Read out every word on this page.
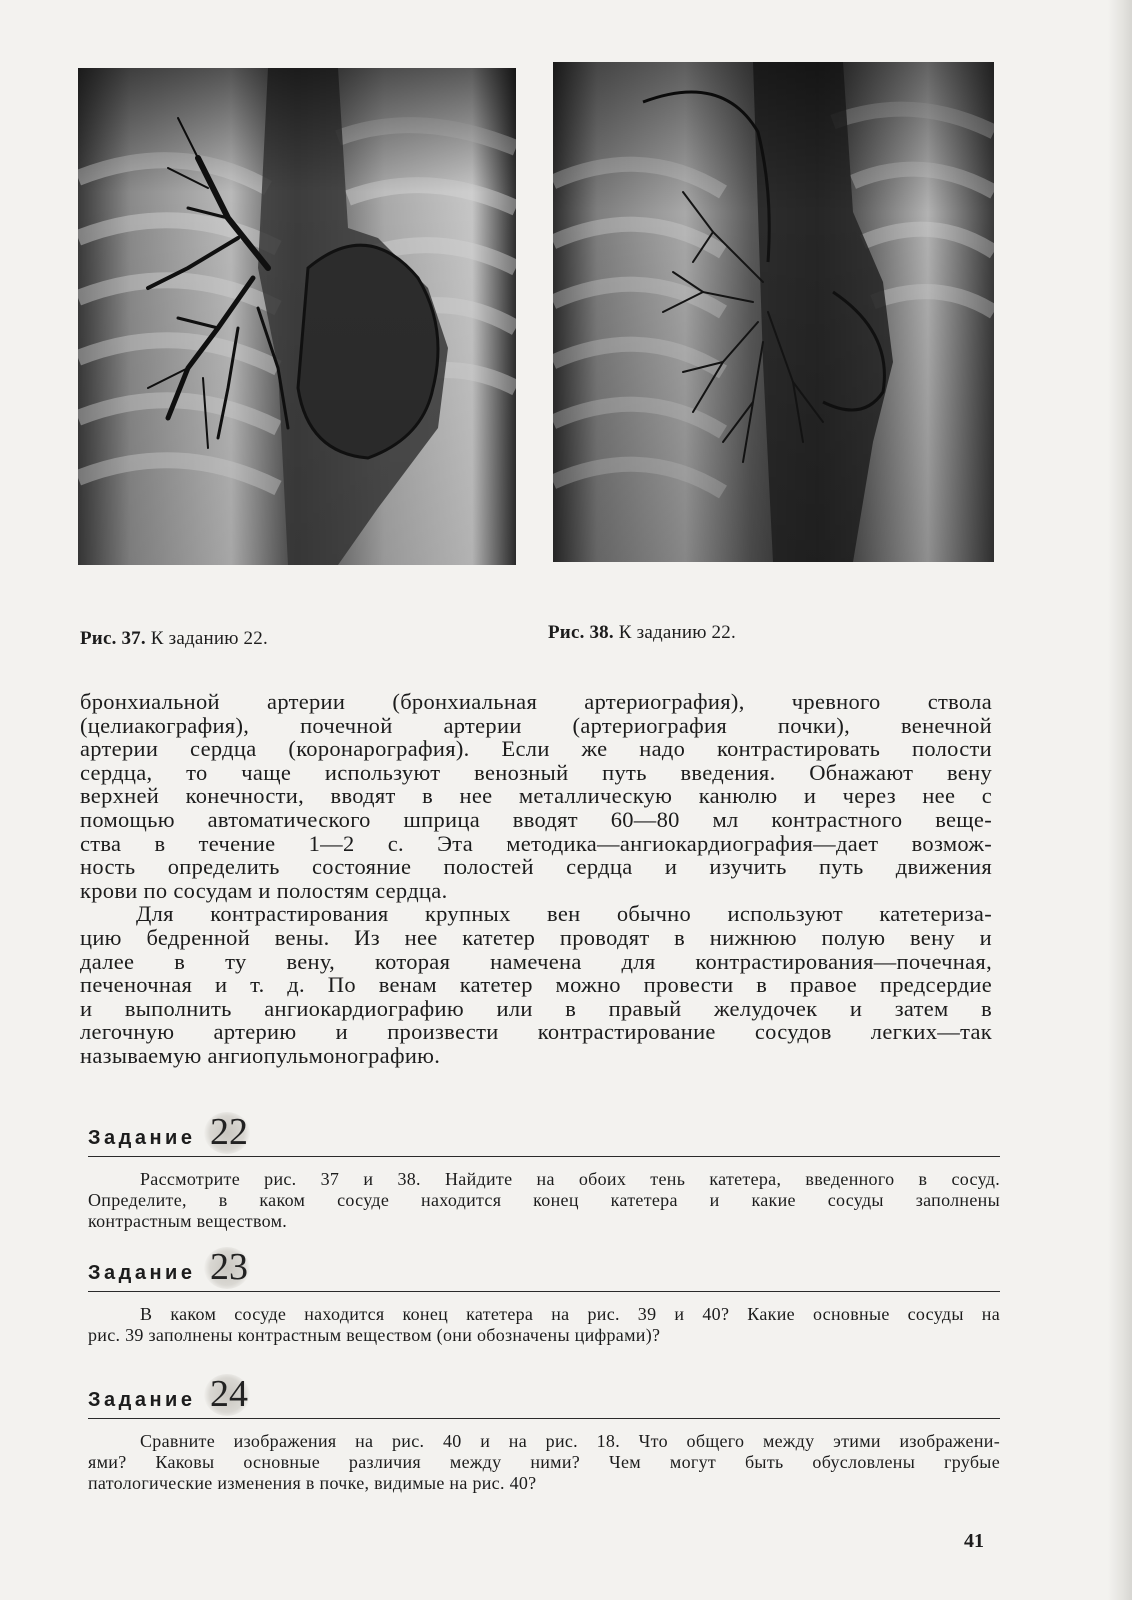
Рис. 37. К заданию 22.	Рис. 38. К заданию 22.
бронхиальной артерии (бронхиальная артериография), чревного ствола
(целиакография), почечной артерии (артериография почки), венечной
артерии сердца (коронарография). Если же надо контрастировать полости
сердца, то чаще используют венозный путь введения. Обнажают вену
верхней конечности, вводят в нее металлическую канюлю и через нее с
помощью автоматического шприца вводят 60—80 мл контрастного веще-
ства в течение 1—2 с. Эта методика—ангиокардиография—дает возмож-
ность определить состояние полостей сердца и изучить путь движения
крови по сосудам и полостям сердца.
Для контрастирования крупных вен обычно используют катетеризa-
цию бедренной вены. Из нее катетер проводят в нижнюю полую вену и
далее в ту вену, которая намечена для контрастирования—почечная,
печеночная и т. д. По венам катетер можно провести в правое предсердие
и выполнить ангиокардиографию или в правый желудочек и затем в
легочную артерию и произвести контрастирование сосудов легких—так
называемую ангиопульмонографию.
Задание 22
Рассмотрите рис. 37 и 38. Найдите на обоих тень катетера, введенного в сосуд.
Определите, в каком сосуде находится конец катетера и какие сосуды заполнены
контрастным веществом.
Задание 23
В каком сосуде находится конец катетера на рис. 39 и 40? Какие основные сосуды на
рис. 39 заполнены контрастным веществом (они обозначены цифрами)?
Задание 24
Сравните изображения на рис. 40 и на рис. 18. Что общего между этими изображени-
ями? Каковы основные различия между ними? Чем могут быть обусловлены грубые
патологические изменения в почке, видимые на рис. 40?
41
